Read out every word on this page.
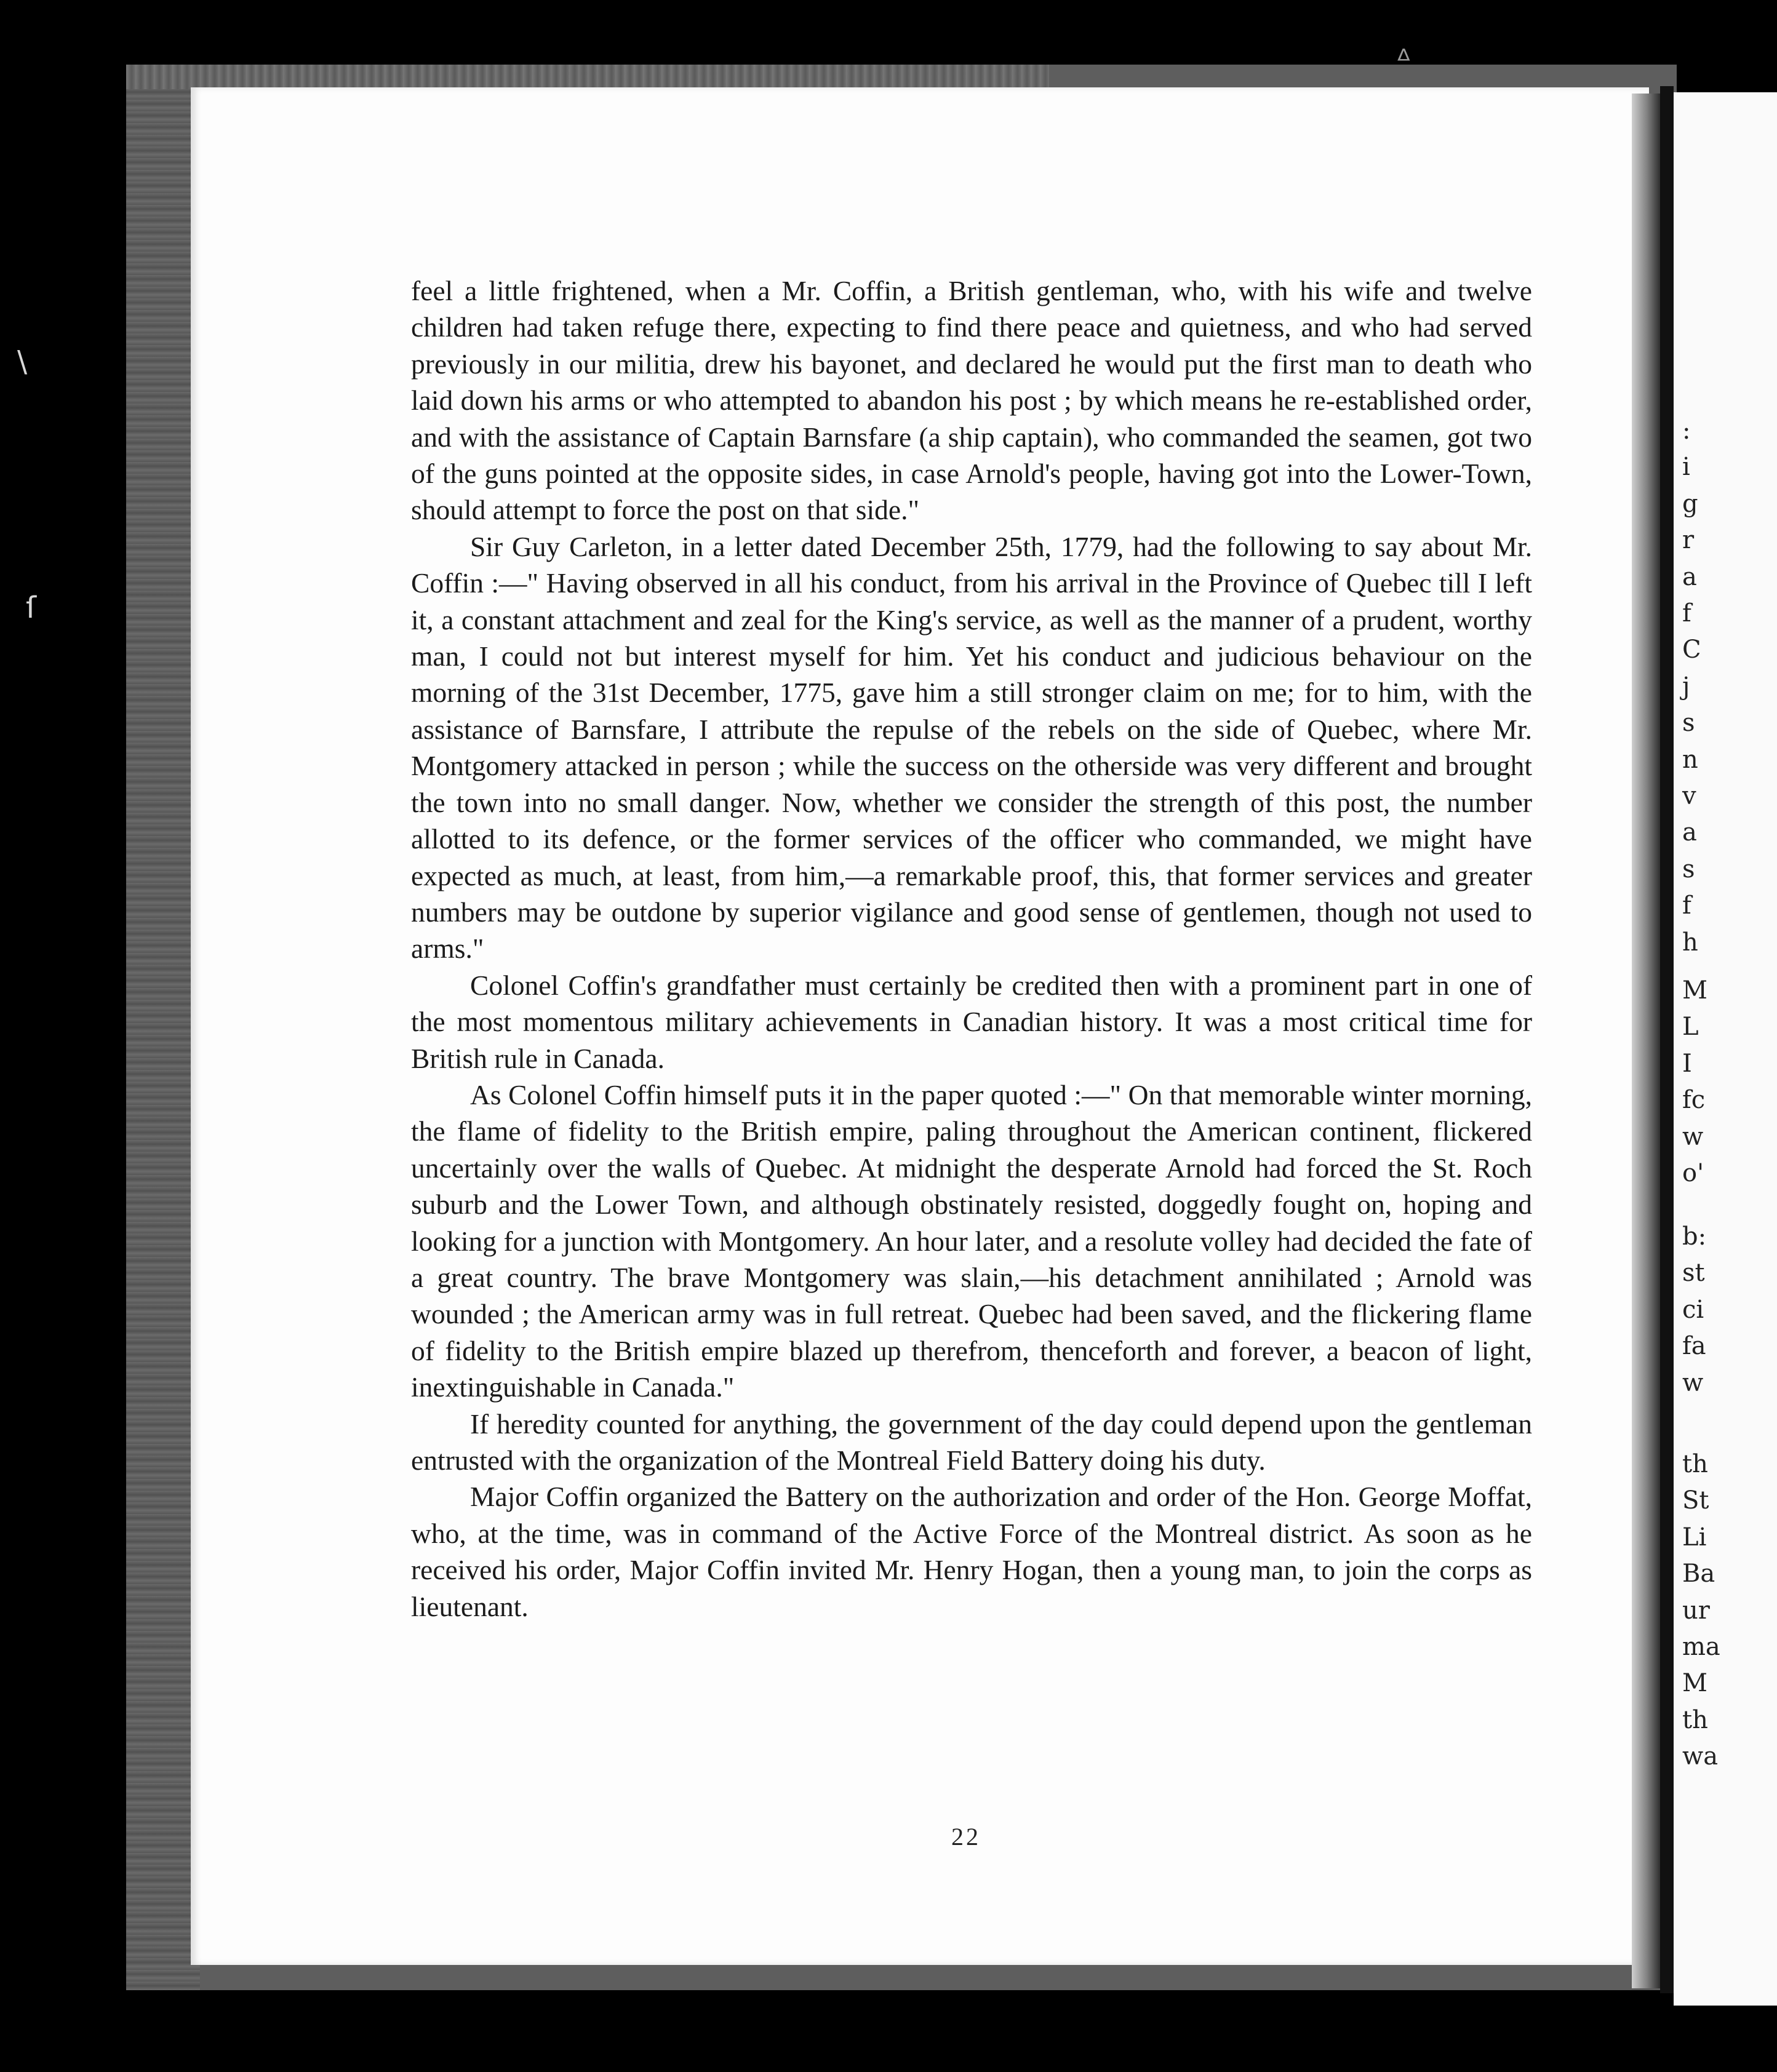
feel a little frightened, when a Mr. Coffin, a British gentleman, who, with his wife and twelve children had taken refuge there, expecting to find there peace and quietness, and who had served previously in our militia, drew his bayonet, and declared he would put the first man to death who laid down his arms or who attempted to abandon his post ; by which means he re-established order, and with the assistance of Captain Barnsfare (a ship captain), who commanded the seamen, got two of the guns pointed at the opposite sides, in case Arnold's people, having got into the Lower-Town, should attempt to force the post on that side."

Sir Guy Carleton, in a letter dated December 25th, 1779, had the following to say about Mr. Coffin :—" Having observed in all his conduct, from his arrival in the Province of Quebec till I left it, a constant attachment and zeal for the King's service, as well as the manner of a prudent, worthy man, I could not but interest myself for him. Yet his conduct and judicious behaviour on the morning of the 31st December, 1775, gave him a still stronger claim on me; for to him, with the assistance of Barnsfare, I attribute the repulse of the rebels on the side of Quebec, where Mr. Montgomery attacked in person ; while the success on the otherside was very different and brought the town into no small danger. Now, whether we consider the strength of this post, the number allotted to its defence, or the former services of the officer who commanded, we might have expected as much, at least, from him,—a remarkable proof, this, that former services and greater numbers may be outdone by superior vigilance and good sense of gentlemen, though not used to arms."

Colonel Coffin's grandfather must certainly be credited then with a prominent part in one of the most momentous military achievements in Canadian history. It was a most critical time for British rule in Canada.

As Colonel Coffin himself puts it in the paper quoted :—" On that memorable winter morning, the flame of fidelity to the British empire, paling throughout the American continent, flickered uncertainly over the walls of Quebec. At midnight the desperate Arnold had forced the St. Roch suburb and the Lower Town, and although obstinately resisted, doggedly fought on, hoping and looking for a junction with Montgomery. An hour later, and a resolute volley had decided the fate of a great country. The brave Montgomery was slain,—his detachment annihilated ; Arnold was wounded ; the American army was in full retreat. Quebec had been saved, and the flickering flame of fidelity to the British empire blazed up therefrom, thenceforth and forever, a beacon of light, inextinguishable in Canada."

If heredity counted for anything, the government of the day could depend upon the gentleman entrusted with the organization of the Montreal Field Battery doing his duty.

Major Coffin organized the Battery on the authorization and order of the Hon. George Moffat, who, at the time, was in command of the Active Force of the Montreal district. As soon as he received his order, Major Coffin invited Mr. Henry Hogan, then a young man, to join the corps as lieutenant.

22
:
i
g
r
a
f
C
j
s
n
v
a
s
f
h
M
L
I
fc
w
o'
b:
st
ci
fa
w
th
St
Li
Ba
ur
ma
M
th
wa
\
ſ
ᐞ
